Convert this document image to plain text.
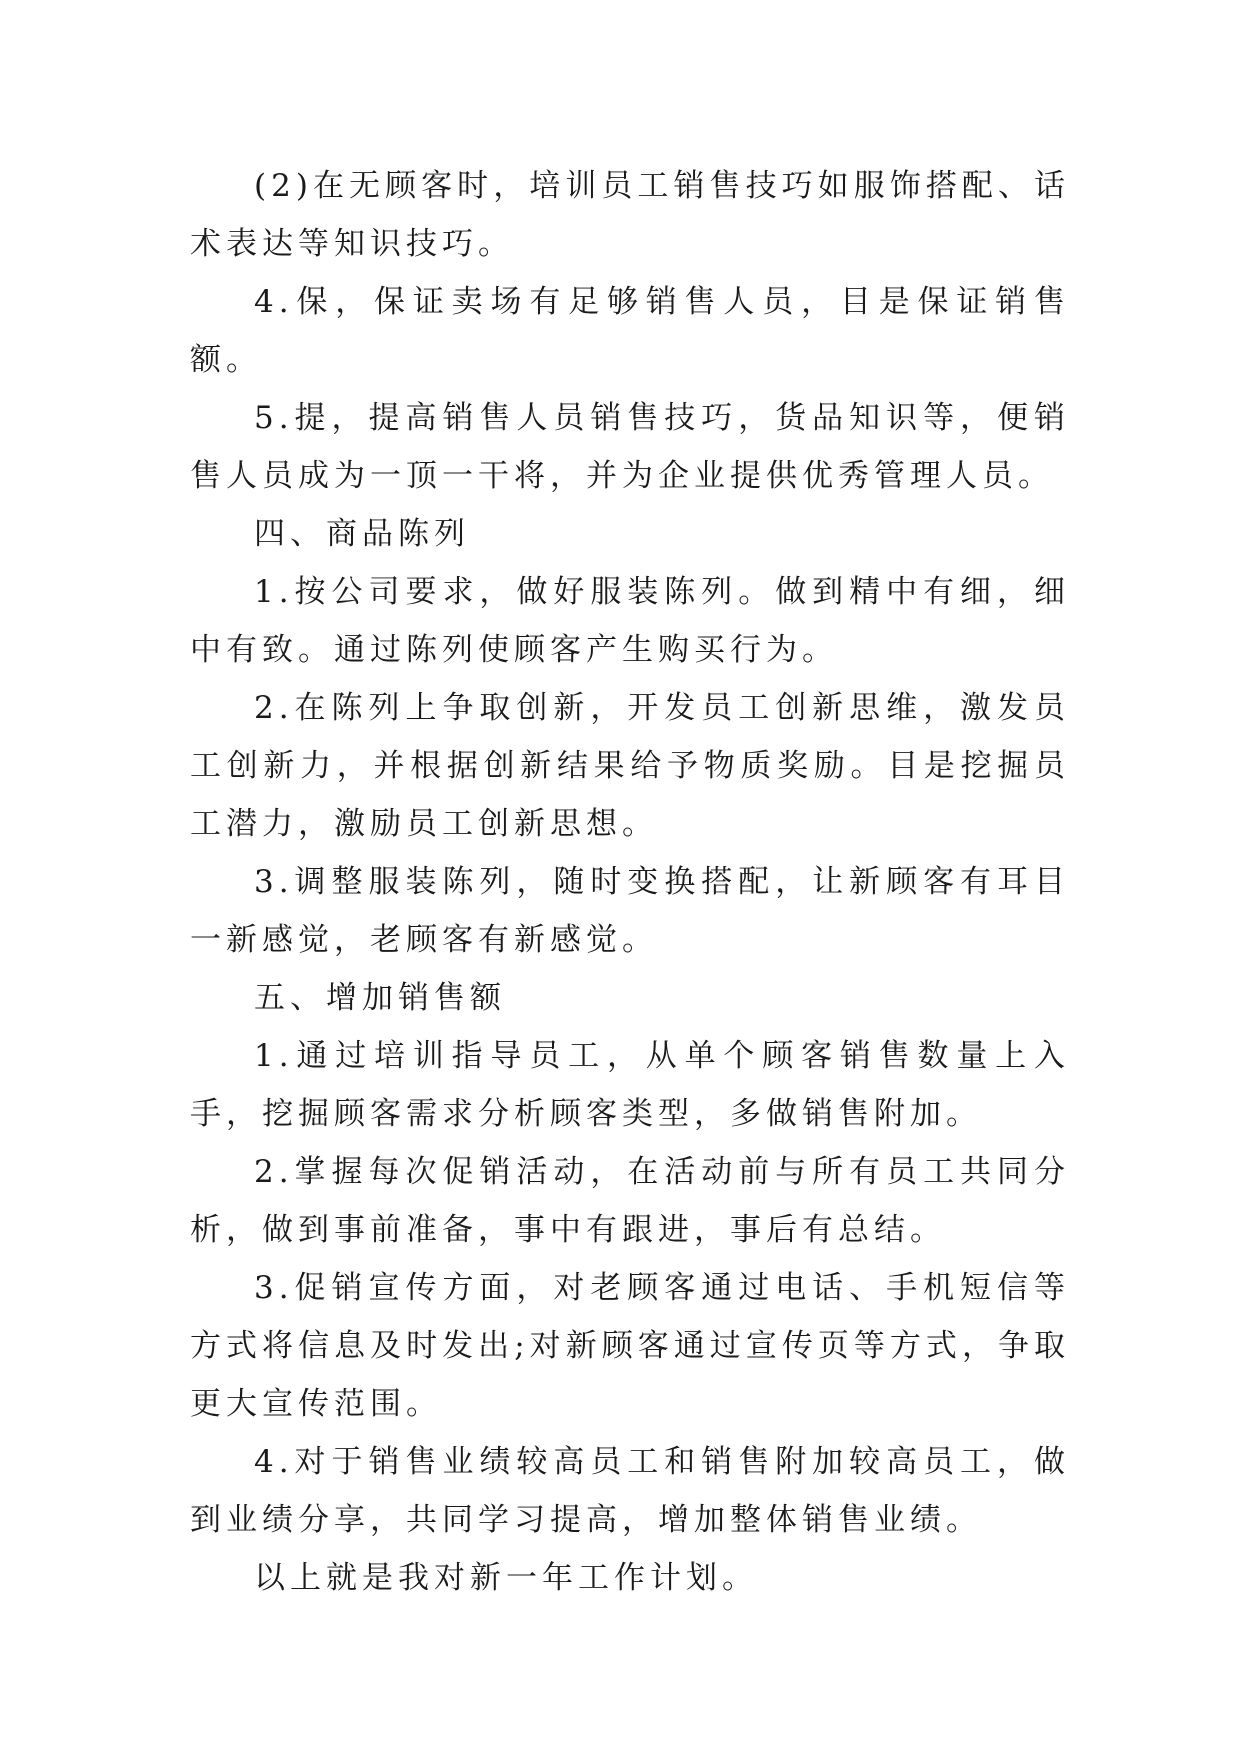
(2)在无顾客时，培训员工销售技巧如服饰搭配、话术表达等知识技巧。

4.保，保证卖场有足够销售人员，目是保证销售额。

5.提，提高销售人员销售技巧，货品知识等，便销售人员成为一顶一干将，并为企业提供优秀管理人员。

四、商品陈列

1.按公司要求，做好服装陈列。做到精中有细，细中有致。通过陈列使顾客产生购买行为。

2.在陈列上争取创新，开发员工创新思维，激发员工创新力，并根据创新结果给予物质奖励。目是挖掘员工潜力，激励员工创新思想。

3.调整服装陈列，随时变换搭配，让新顾客有耳目一新感觉，老顾客有新感觉。

五、增加销售额

1.通过培训指导员工，从单个顾客销售数量上入手，挖掘顾客需求分析顾客类型，多做销售附加。

2.掌握每次促销活动，在活动前与所有员工共同分析，做到事前准备，事中有跟进，事后有总结。

3.促销宣传方面，对老顾客通过电话、手机短信等方式将信息及时发出;对新顾客通过宣传页等方式，争取更大宣传范围。

4.对于销售业绩较高员工和销售附加较高员工，做到业绩分享，共同学习提高，增加整体销售业绩。

以上就是我对新一年工作计划。
